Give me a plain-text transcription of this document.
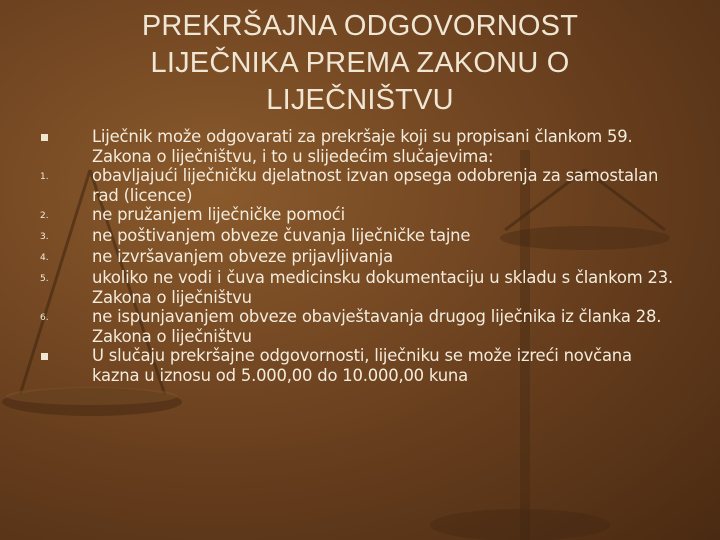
PREKRŠAJNA ODGOVORNOST
LIJEČNIKA PREMA ZAKONU O
LIJEČNIŠTVU
Liječnik može odgovarati za prekršaje koji su propisani člankom 59. Zakona o liječništvu, i to u slijedećim slučajevima:
1.	obavljajući liječničku djelatnost izvan opsega odobrenja za samostalan rad (licence)
2.	ne pružanjem liječničke pomoći
3.	ne poštivanjem obveze čuvanja liječničke tajne
4.	ne izvršavanjem obveze prijavljivanja
5.	ukoliko ne vodi i čuva medicinsku dokumentaciju u skladu s člankom 23. Zakona o liječništvu
6.	ne ispunjavanjem obveze obavještavanja drugog liječnika iz članka 28. Zakona o liječništvu
U slučaju prekršajne odgovornosti, liječniku se može izreći novčana kazna u iznosu od 5.000,00 do 10.000,00 kuna
